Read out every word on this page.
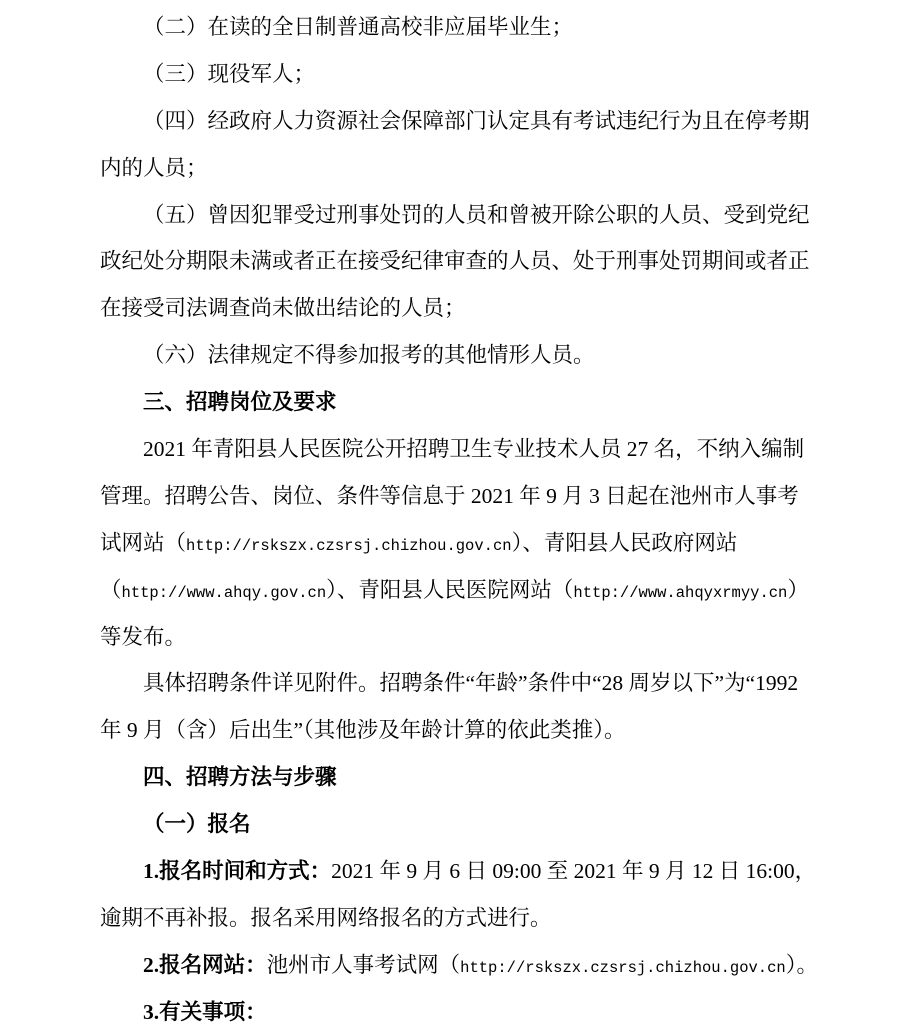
（二）在读的全日制普通高校非应届毕业生；
（三）现役军人；
（四）经政府人力资源社会保障部门认定具有考试违纪行为且在停考期
内的人员；
（五）曾因犯罪受过刑事处罚的人员和曾被开除公职的人员、受到党纪
政纪处分期限未满或者正在接受纪律审查的人员、处于刑事处罚期间或者正
在接受司法调查尚未做出结论的人员；
（六）法律规定不得参加报考的其他情形人员。
三、招聘岗位及要求
2021 年青阳县人民医院公开招聘卫生专业技术人员 27 名，不纳入编制
管理。招聘公告、岗位、条件等信息于 2021 年 9 月 3 日起在池州市人事考
试网站（http://rskszx.czsrsj.chizhou.gov.cn）、青阳县人民政府网站
（http://www.ahqy.gov.cn）、青阳县人民医院网站（http://www.ahqyxrmyy.cn）
等发布。
具体招聘条件详见附件。招聘条件“年龄”条件中“28 周岁以下”为“1992
年 9 月（含）后出生”（其他涉及年龄计算的依此类推）。
四、招聘方法与步骤
（一）报名
1.报名时间和方式：2021 年 9 月 6 日 09:00 至 2021 年 9 月 12 日 16:00，
逾期不再补报。报名采用网络报名的方式进行。
2.报名网站：池州市人事考试网（http://rskszx.czsrsj.chizhou.gov.cn）。
3.有关事项：
